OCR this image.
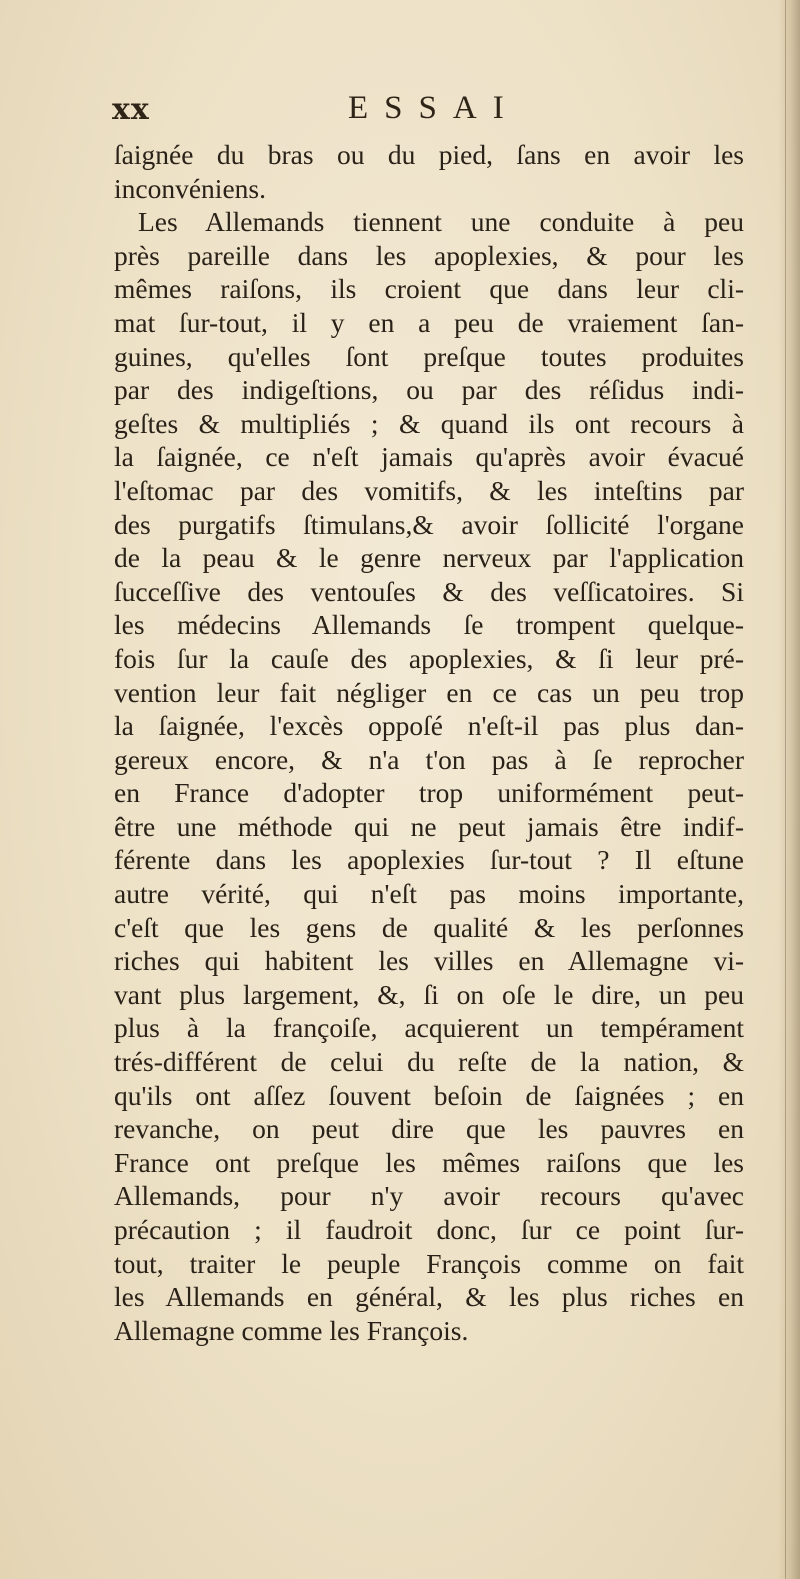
xx	ESSAI
ſaignée du bras ou du pied, ſans en avoir les
inconvéniens.
Les Allemands tiennent une conduite à peu
près pareille dans les apoplexies, & pour les
mêmes raiſons, ils croient que dans leur cli-
mat ſur-tout, il y en a peu de vraiement ſan-
guines, qu'elles ſont preſque toutes produites
par des indigeſtions, ou par des réſidus indi-
geſtes & multipliés ; & quand ils ont recours à
la ſaignée, ce n'eſt jamais qu'après avoir évacué
l'eſtomac par des vomitifs, & les inteſtins par
des purgatifs ſtimulans,& avoir ſollicité l'organe
de la peau & le genre nerveux par l'application
ſucceſſive des ventouſes & des veſſicatoires. Si
les médecins Allemands ſe trompent quelque-
fois ſur la cauſe des apoplexies, & ſi leur pré-
vention leur fait négliger en ce cas un peu trop
la ſaignée, l'excès oppoſé n'eſt-il pas plus dan-
gereux encore, & n'a t'on pas à ſe reprocher
en France d'adopter trop uniformément peut-
être une méthode qui ne peut jamais être indif-
férente dans les apoplexies ſur-tout ? Il eſtune
autre vérité, qui n'eſt pas moins importante,
c'eſt que les gens de qualité & les perſonnes
riches qui habitent les villes en Allemagne vi-
vant plus largement, &, ſi on oſe le dire, un peu
plus à la françoiſe, acquierent un tempérament
trés-différent de celui du reſte de la nation, &
qu'ils ont aſſez ſouvent beſoin de ſaignées ; en
revanche, on peut dire que les pauvres en
France ont preſque les mêmes raiſons que les
Allemands, pour n'y avoir recours qu'avec
précaution ; il faudroit donc, ſur ce point ſur-
tout, traiter le peuple François comme on fait
les Allemands en général, & les plus riches en
Allemagne comme les François.
